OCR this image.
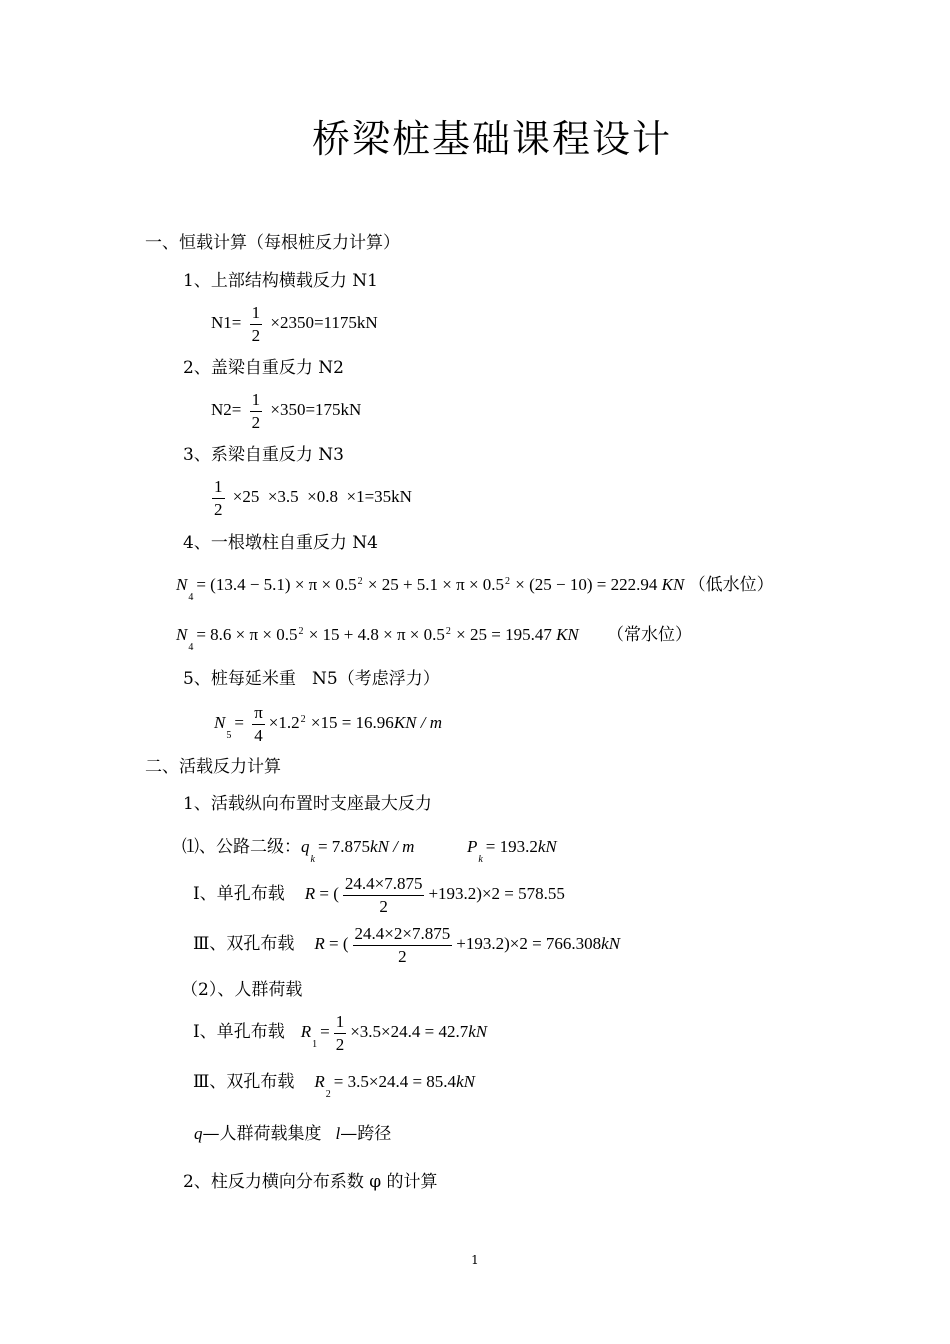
桥梁桩基础课程设计
一、恒载计算（每根桩反力计算）
1、上部结构横载反力 N1
$N1= \frac{1}{2} \times 2350=1175kN$
2、盖梁自重反力 N2
$N2= \frac{1}{2} \times 350=175kN$
3、系梁自重反力 N3
$\frac{1}{2} \times 25 \times 3.5 \times 0.8 \times 1=35kN$
4、一根墩柱自重反力 N4
$N_4= (13.4 - 5.1) \times \pi \times 0.5^2 \times 25 + 5.1 \times \pi \times 0.5^2 \times (25 - 10) = 222.94$ KN （低水位）
$N_4= 8.6 \times \pi \times 0.5^2 \times 15 + 4.8 \times \pi \times 0.5^2 \times 25 = 195.47$ KN （常水位）
5、桩每延米重   N5（考虑浮力）
$N_5= \frac{\pi}{4} \times 1.2^2 \times 15 = 16.96KN / m$
二、活载反力计算
1、活载纵向布置时支座最大反力
⑴、公路二级：$q_k= 7.875kN / m$	$P_k= 193.2kN$
Ⅰ、单孔布载 R = ( $\frac{24.4\times 7.875}{2} +193.2)\times 2 = 578.55$
Ⅲ、双孔布载 R = ( $\frac{24.4\times 2\times 7.875}{2} +193.2)\times 2 = 766.308kN$
（2）、人群荷载
Ⅰ、单孔布载 $R_1= \frac{1}{2} \times 3.5\times 24.4 = 42.7kN$
Ⅲ、双孔布载 $R_2= 3.5\times 24.4 = 85.4kN$
q—人群荷载集度 l—跨径
2、柱反力横向分布系数 φ 的计算
1
